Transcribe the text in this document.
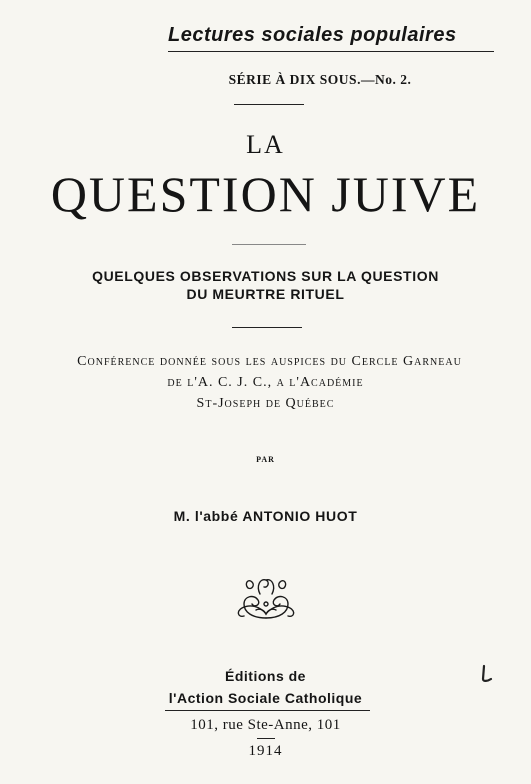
Lectures sociales populaires
SÉRIE À DIX SOUS.—No. 2.
LA
QUESTION JUIVE
QUELQUES OBSERVATIONS SUR LA QUESTION
DU MEURTRE RITUEL
Conférence donnée sous les auspices du Cercle Garneau
de l'A. C. J. C., a l'Académie
St-Joseph de Québec
PAR
M. l'abbé ANTONIO HUOT
Éditions de
l'Action Sociale Catholique
101, rue Ste-Anne, 101
1914
